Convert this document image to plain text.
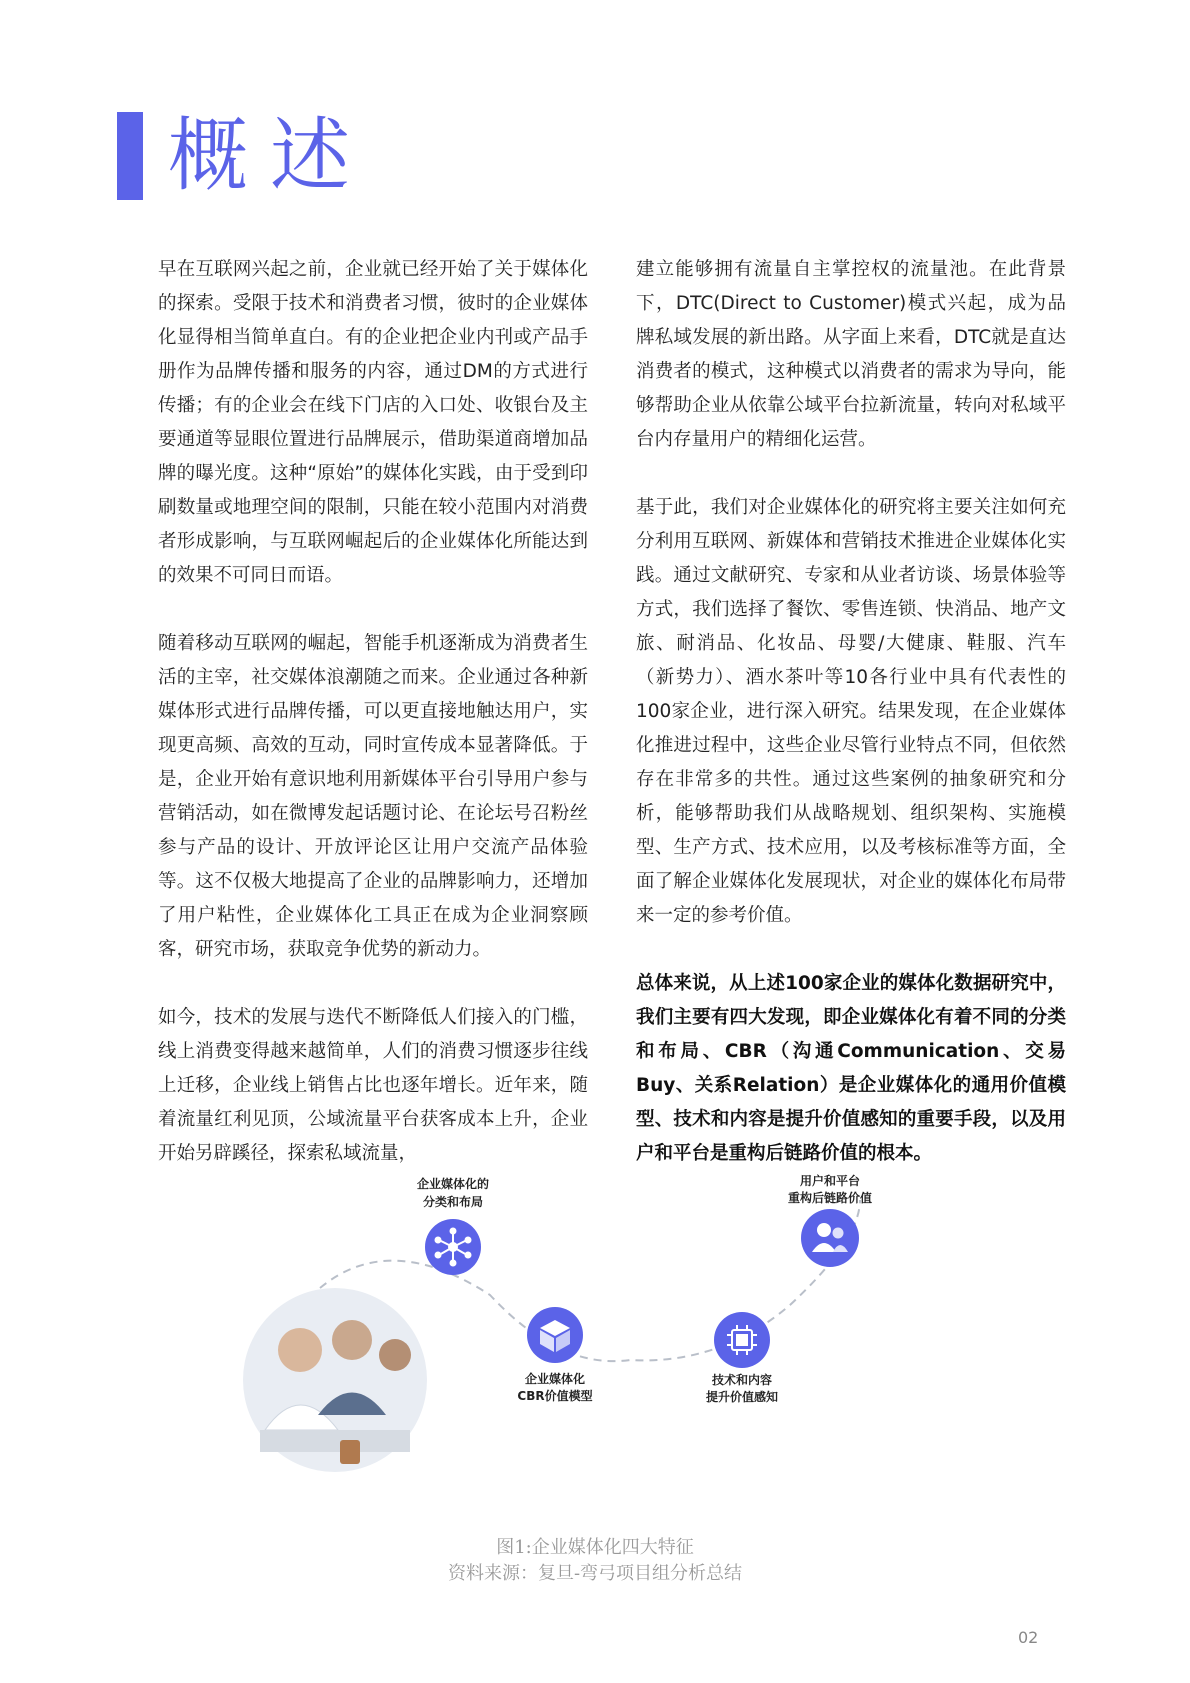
概述

早在互联网兴起之前，企业就已经开始了关于媒体化的探索。受限于技术和消费者习惯，彼时的企业媒体化显得相当简单直白。有的企业把企业内刊或产品手册作为品牌传播和服务的内容，通过DM的方式进行传播；有的企业会在线下门店的入口处、收银台及主要通道等显眼位置进行品牌展示，借助渠道商增加品牌的曝光度。这种“原始”的媒体化实践，由于受到印刷数量或地理空间的限制，只能在较小范围内对消费者形成影响，与互联网崛起后的企业媒体化所能达到的效果不可同日而语。

随着移动互联网的崛起，智能手机逐渐成为消费者生活的主宰，社交媒体浪潮随之而来。企业通过各种新媒体形式进行品牌传播，可以更直接地触达用户，实现更高频、高效的互动，同时宣传成本显著降低。于是，企业开始有意识地利用新媒体平台引导用户参与营销活动，如在微博发起话题讨论、在论坛号召粉丝参与产品的设计、开放评论区让用户交流产品体验等。这不仅极大地提高了企业的品牌影响力，还增加了用户粘性，企业媒体化工具正在成为企业洞察顾客，研究市场，获取竞争优势的新动力。

如今，技术的发展与迭代不断降低人们接入的门槛，线上消费变得越来越简单，人们的消费习惯逐步往线上迁移，企业线上销售占比也逐年增长。近年来，随着流量红利见顶，公域流量平台获客成本上升，企业开始另辟蹊径，探索私域流量，

建立能够拥有流量自主掌控权的流量池。在此背景下，DTC(Direct to Customer)模式兴起，成为品牌私域发展的新出路。从字面上来看，DTC就是直达消费者的模式，这种模式以消费者的需求为导向，能够帮助企业从依靠公域平台拉新流量，转向对私域平台内存量用户的精细化运营。

基于此，我们对企业媒体化的研究将主要关注如何充分利用互联网、新媒体和营销技术推进企业媒体化实践。通过文献研究、专家和从业者访谈、场景体验等方式，我们选择了餐饮、零售连锁、快消品、地产文旅、耐消品、化妆品、母婴/大健康、鞋服、汽车（新势力）、酒水茶叶等10各行业中具有代表性的100家企业，进行深入研究。结果发现，在企业媒体化推进过程中，这些企业尽管行业特点不同，但依然存在非常多的共性。通过这些案例的抽象研究和分析，能够帮助我们从战略规划、组织架构、实施模型、生产方式、技术应用，以及考核标准等方面，全面了解企业媒体化发展现状，对企业的媒体化布局带来一定的参考价值。

总体来说，从上述100家企业的媒体化数据研究中，我们主要有四大发现，即企业媒体化有着不同的分类和布局、CBR（沟通Communication、交易Buy、关系Relation）是企业媒体化的通用价值模型、技术和内容是提升价值感知的重要手段，以及用户和平台是重构后链路价值的根本。

企业媒体化的
分类和布局
企业媒体化
CBR价值模型
技术和内容
提升价值感知
用户和平台
重构后链路价值
图1:企业媒体化四大特征
资料来源：复旦-弯弓项目组分析总结
02
